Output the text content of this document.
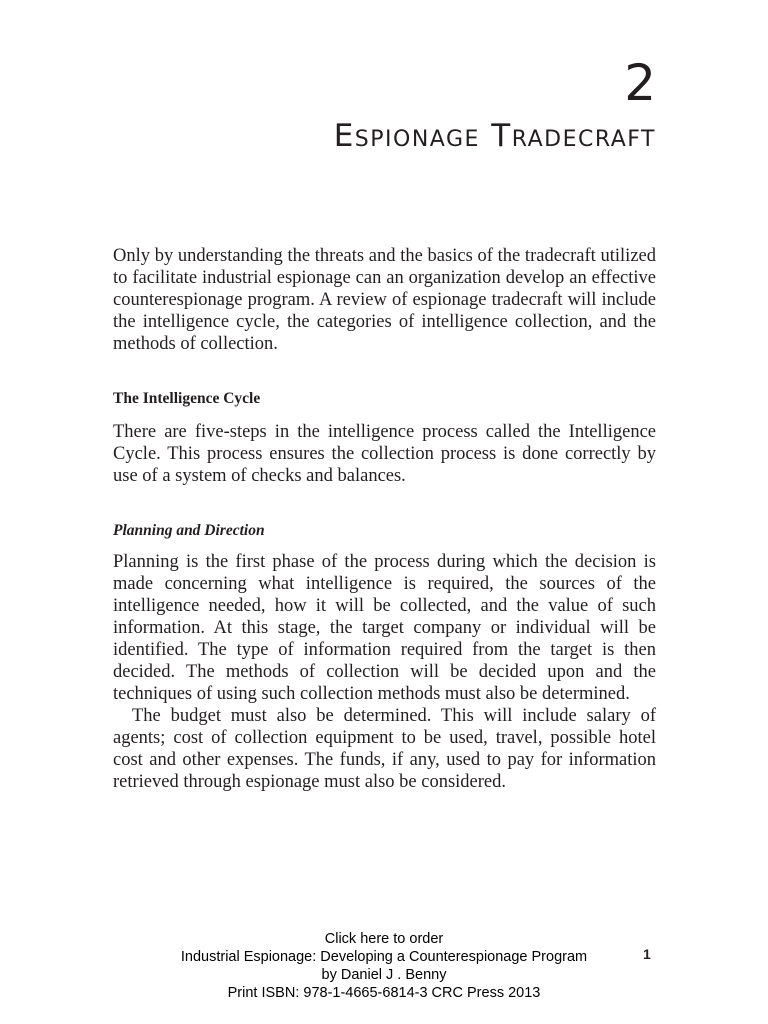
2
Espionage Tradecraft

Only by understanding the threats and the basics of the tradecraft utilized to facilitate industrial espionage can an organization develop an effective counterespionage program. A review of espionage tradecraft will include the intelligence cycle, the categories of intelligence collection, and the methods of collection.

The Intelligence Cycle

There are five-steps in the intelligence process called the Intelligence Cycle. This process ensures the collection process is done correctly by use of a system of checks and balances.

Planning and Direction

Planning is the first phase of the process during which the decision is made concerning what intelligence is required, the sources of the intelligence needed, how it will be collected, and the value of such information. At this stage, the target company or individual will be identified. The type of information required from the target is then decided. The methods of collection will be decided upon and the techniques of using such collection methods must also be determined.

The budget must also be determined. This will include salary of agents; cost of collection equipment to be used, travel, possible hotel cost and other expenses. The funds, if any, used to pay for information retrieved through espionage must also be considered.

Click here to order
Industrial Espionage: Developing a Counterespionage Program
by Daniel J . Benny
Print ISBN: 978-1-4665-6814-3 CRC Press 2013
1
